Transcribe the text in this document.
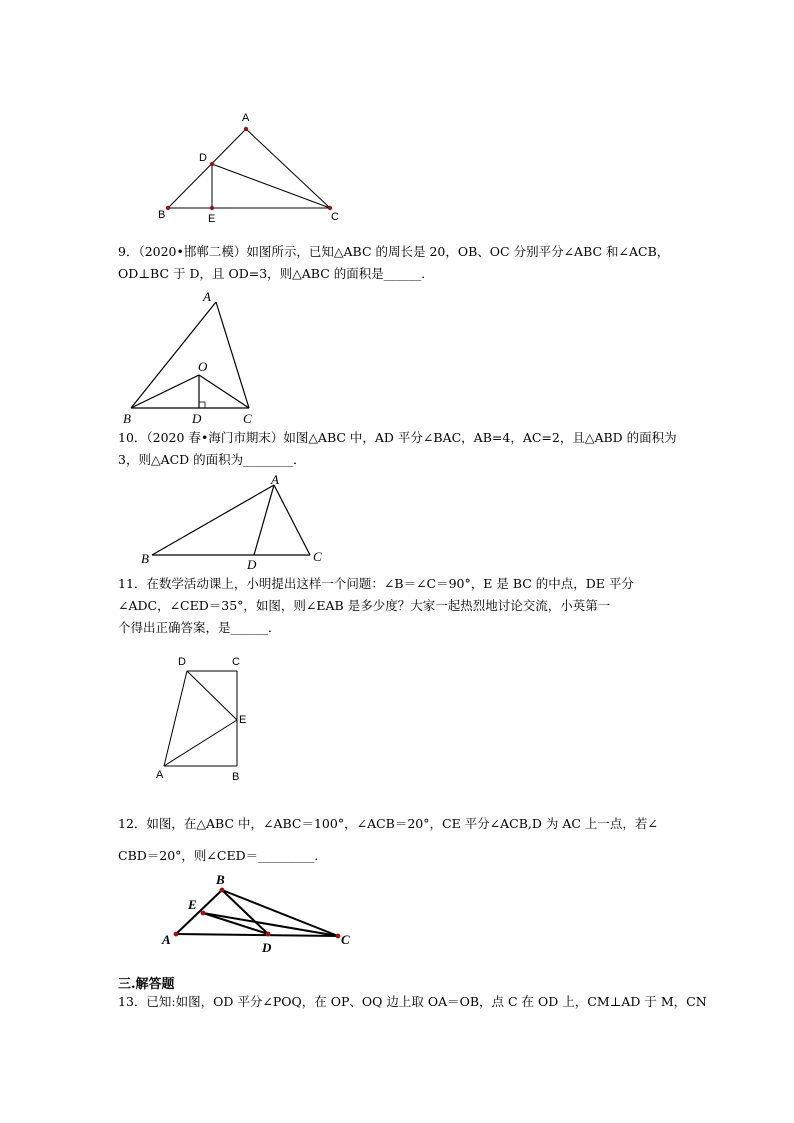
A
D
B	E	C
9．（2020•邯郸二模）如图所示，已知△ABC 的周长是 20，OB、OC 分别平分∠ABC 和∠ACB，
OD⊥BC 于 D，且 OD=3，则△ABC 的面积是______．
A
O
B	D	C
10．（2020 春•海门市期末）如图△ABC 中，AD 平分∠BAC，AB=4，AC=2，且△ABD 的面积为
3，则△ACD 的面积为________．
A
B	D
C
11．在数学活动课上，小明提出这样一个问题：∠B＝∠C＝90°，E 是 BC 的中点，DE 平分
∠ADC，∠CED＝35°，如图，则∠EAB 是多少度？大家一起热烈地讨论交流，小英第一
个得出正确答案，是______．
D	C
E
A	B
12．如图，在△ABC 中，∠ABC＝100°，∠ACB＝20°，CE 平分∠ACB,D 为 AC 上一点，若∠
CBD＝20°，则∠CED＝_________．
B
E
A
D
C
三.解答题
13．已知:如图，OD 平分∠POQ，在 OP、OQ 边上取 OA＝OB，点 C 在 OD 上，CM⊥AD 于 M，CN
